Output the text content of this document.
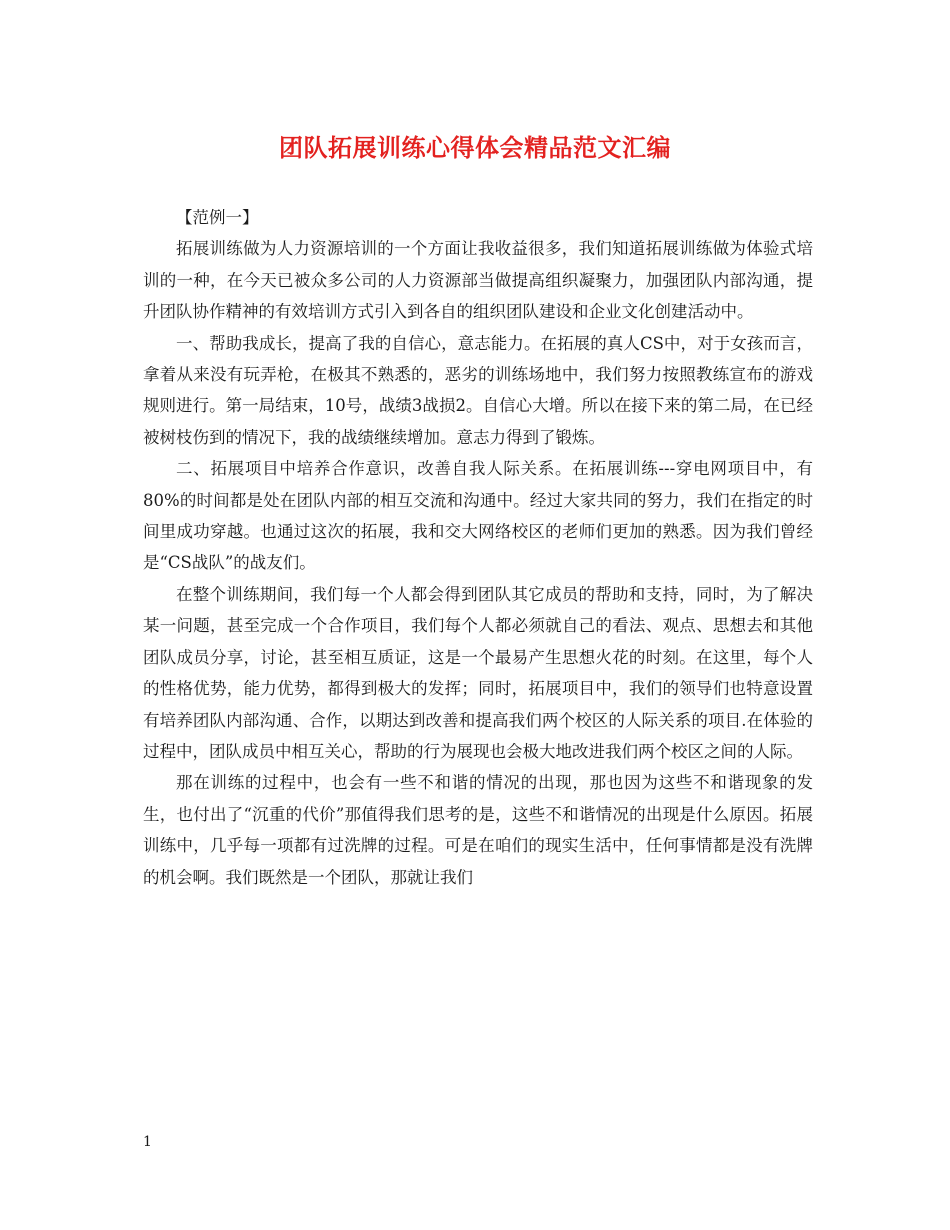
团队拓展训练心得体会精品范文汇编

【范例一】

拓展训练做为人力资源培训的一个方面让我收益很多，我们知道拓展训练做为体验式培训的一种，在今天已被众多公司的人力资源部当做提高组织凝聚力，加强团队内部沟通，提升团队协作精神的有效培训方式引入到各自的组织团队建设和企业文化创建活动中。

一、帮助我成长，提高了我的自信心，意志能力。在拓展的真人CS中，对于女孩而言，拿着从来没有玩弄枪，在极其不熟悉的，恶劣的训练场地中，我们努力按照教练宣布的游戏规则进行。第一局结束，10号，战绩3战损2。自信心大增。所以在接下来的第二局，在已经被树枝伤到的情况下，我的战绩继续增加。意志力得到了锻炼。

二、拓展项目中培养合作意识，改善自我人际关系。在拓展训练---穿电网项目中，有80%的时间都是处在团队内部的相互交流和沟通中。经过大家共同的努力，我们在指定的时间里成功穿越。也通过这次的拓展，我和交大网络校区的老师们更加的熟悉。因为我们曾经是“CS战队”的战友们。

在整个训练期间，我们每一个人都会得到团队其它成员的帮助和支持，同时，为了解决某一问题，甚至完成一个合作项目，我们每个人都必须就自己的看法、观点、思想去和其他团队成员分享，讨论，甚至相互质证，这是一个最易产生思想火花的时刻。在这里，每个人的性格优势，能力优势，都得到极大的发挥；同时，拓展项目中，我们的领导们也特意设置有培养团队内部沟通、合作，以期达到改善和提高我们两个校区的人际关系的项目.在体验的过程中，团队成员中相互关心，帮助的行为展现也会极大地改进我们两个校区之间的人际。

那在训练的过程中，也会有一些不和谐的情况的出现，那也因为这些不和谐现象的发生，也付出了“沉重的代价”那值得我们思考的是，这些不和谐情况的出现是什么原因。拓展训练中，几乎每一项都有过洗牌的过程。可是在咱们的现实生活中，任何事情都是没有洗牌的机会啊。我们既然是一个团队，那就让我们

1
